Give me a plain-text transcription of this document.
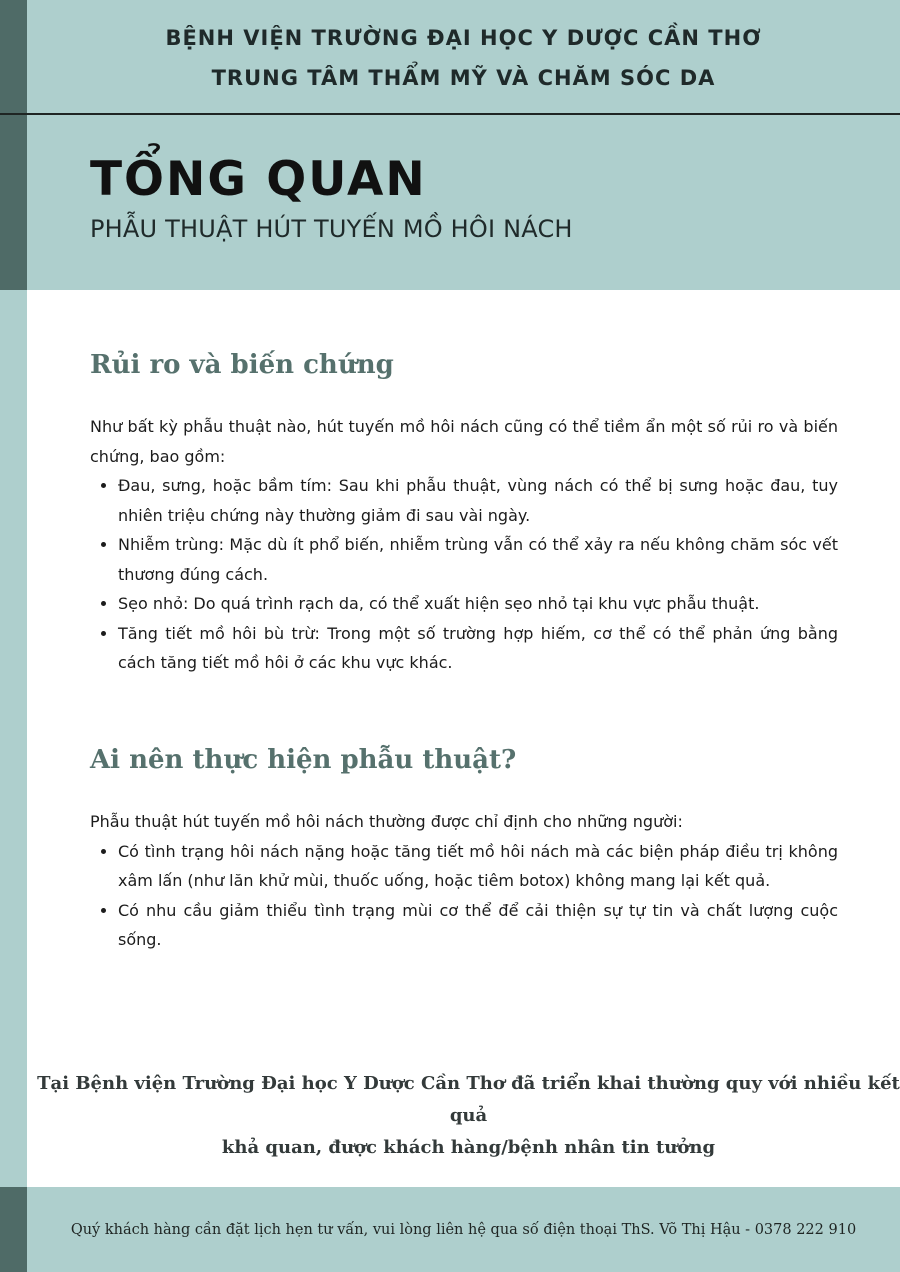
BỆNH VIỆN TRƯỜNG ĐẠI HỌC Y DƯỢC CẦN THƠ
TRUNG TÂM THẨM MỸ VÀ CHĂM SÓC DA
TỔNG QUAN
PHẪU THUẬT HÚT TUYẾN MỒ HÔI NÁCH
Rủi ro và biến chứng

Như bất kỳ phẫu thuật nào, hút tuyến mồ hôi nách cũng có thể tiềm ẩn một số rủi ro và biến chứng, bao gồm:

• Đau, sưng, hoặc bầm tím: Sau khi phẫu thuật, vùng nách có thể bị sưng hoặc đau, tuy nhiên triệu chứng này thường giảm đi sau vài ngày.
• Nhiễm trùng: Mặc dù ít phổ biến, nhiễm trùng vẫn có thể xảy ra nếu không chăm sóc vết thương đúng cách.
• Sẹo nhỏ: Do quá trình rạch da, có thể xuất hiện sẹo nhỏ tại khu vực phẫu thuật.
• Tăng tiết mồ hôi bù trừ: Trong một số trường hợp hiếm, cơ thể có thể phản ứng bằng cách tăng tiết mồ hôi ở các khu vực khác.
Ai nên thực hiện phẫu thuật?

Phẫu thuật hút tuyến mồ hôi nách thường được chỉ định cho những người:

• Có tình trạng hôi nách nặng hoặc tăng tiết mồ hôi nách mà các biện pháp điều trị không xâm lấn (như lăn khử mùi, thuốc uống, hoặc tiêm botox) không mang lại kết quả.
• Có nhu cầu giảm thiểu tình trạng mùi cơ thể để cải thiện sự tự tin và chất lượng cuộc sống.
Tại Bệnh viện Trường Đại học Y Dược Cần Thơ đã triển khai thường quy với nhiều kết quả
khả quan, được khách hàng/bệnh nhân tin tưởng
Quý khách hàng cần đặt lịch hẹn tư vấn, vui lòng liên hệ qua số điện thoại ThS. Võ Thị Hậu - 0378 222 910
